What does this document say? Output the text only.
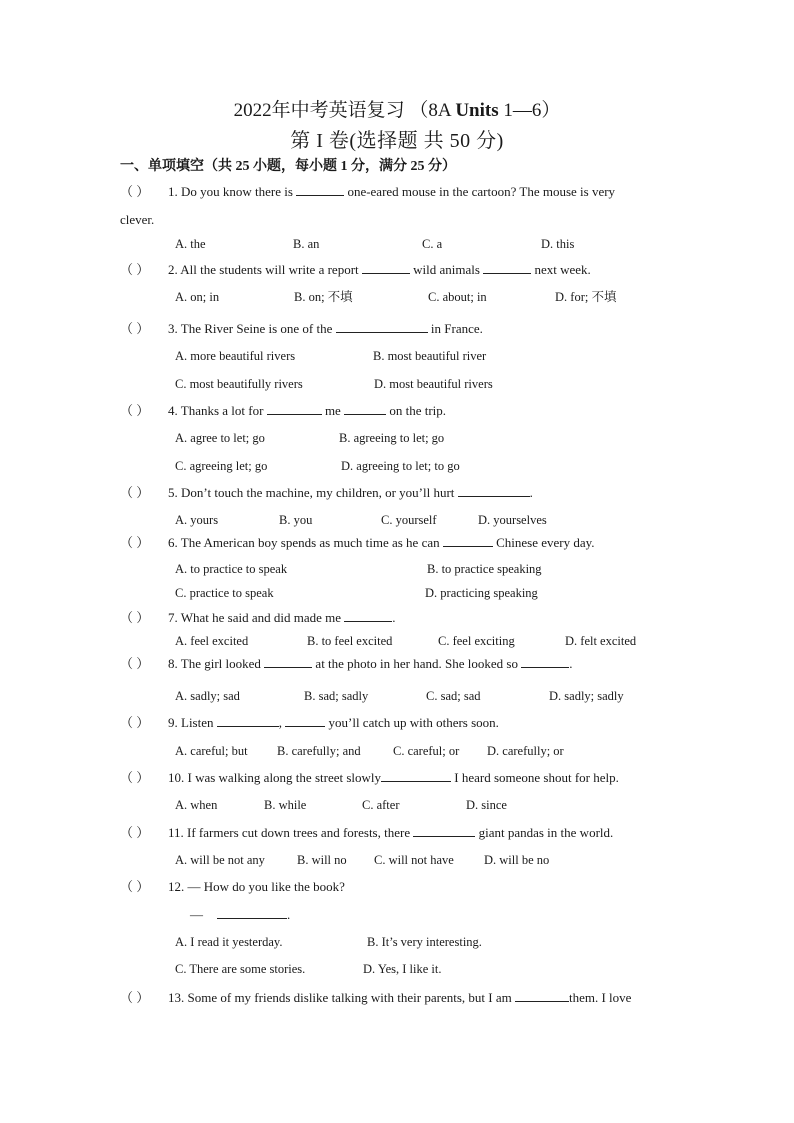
2022年中考英语复习 （8A Units 1—6）
第 I 卷(选择题 共 50 分)
一、单项填空（共 25 小题，每小题 1 分，满分 25 分）
（ ） 1. Do you know there is	one-eared mouse in the cartoon? The mouse is very
clever.
A. the	B. an	C. a	D. this
（ ） 2. All the students will write a report	wild animals	next week.
A. on; in	B. on; 不填	C. about; in	D. for; 不填
（ ） 3. The River Seine is one of the	in France.
A. more beautiful rivers	B. most beautiful river
C. most beautifully rivers	D. most beautiful rivers
（ ） 4. Thanks a lot for	me	on the trip.
A. agree to let; go	B. agreeing to let; go
C. agreeing let; go	D. agreeing to let; to go
（ ） 5. Don’t touch the machine, my children, or you’ll hurt	.
A. yours	B. you	C. yourself	D. yourselves
（ ） 6. The American boy spends as much time as he can	Chinese every day.
A. to practice to speak	B. to practice speaking
C. practice to speak	D. practicing speaking
（ ） 7. What he said and did made me	.
A. feel excited	B. to feel excited	C. feel exciting	D. felt excited
（ ） 8. The girl looked	at the photo in her hand. She looked so	.
A. sadly; sad	B. sad; sadly	C. sad; sad	D. sadly; sadly
（ ） 9. Listen	,	you’ll catch up with others soon.
A. careful; but B. carefully; and	C. careful; or D. carefully; or
（ ） 10. I was walking along the street slowly	I heard someone shout for help.
A. when	B. while	C. after	D. since
（ ） 11. If farmers cut down trees and forests, there	giant pandas in the world.
A. will be not any	B. will no C. will not have D. will be no
（ ） 12. — How do you like the book?
—	.
A. I read it yesterday.	B. It’s very interesting.
C. There are some stories.	D. Yes, I like it.
（ ） 13. Some of my friends dislike talking with their parents, but I am	them. I love
